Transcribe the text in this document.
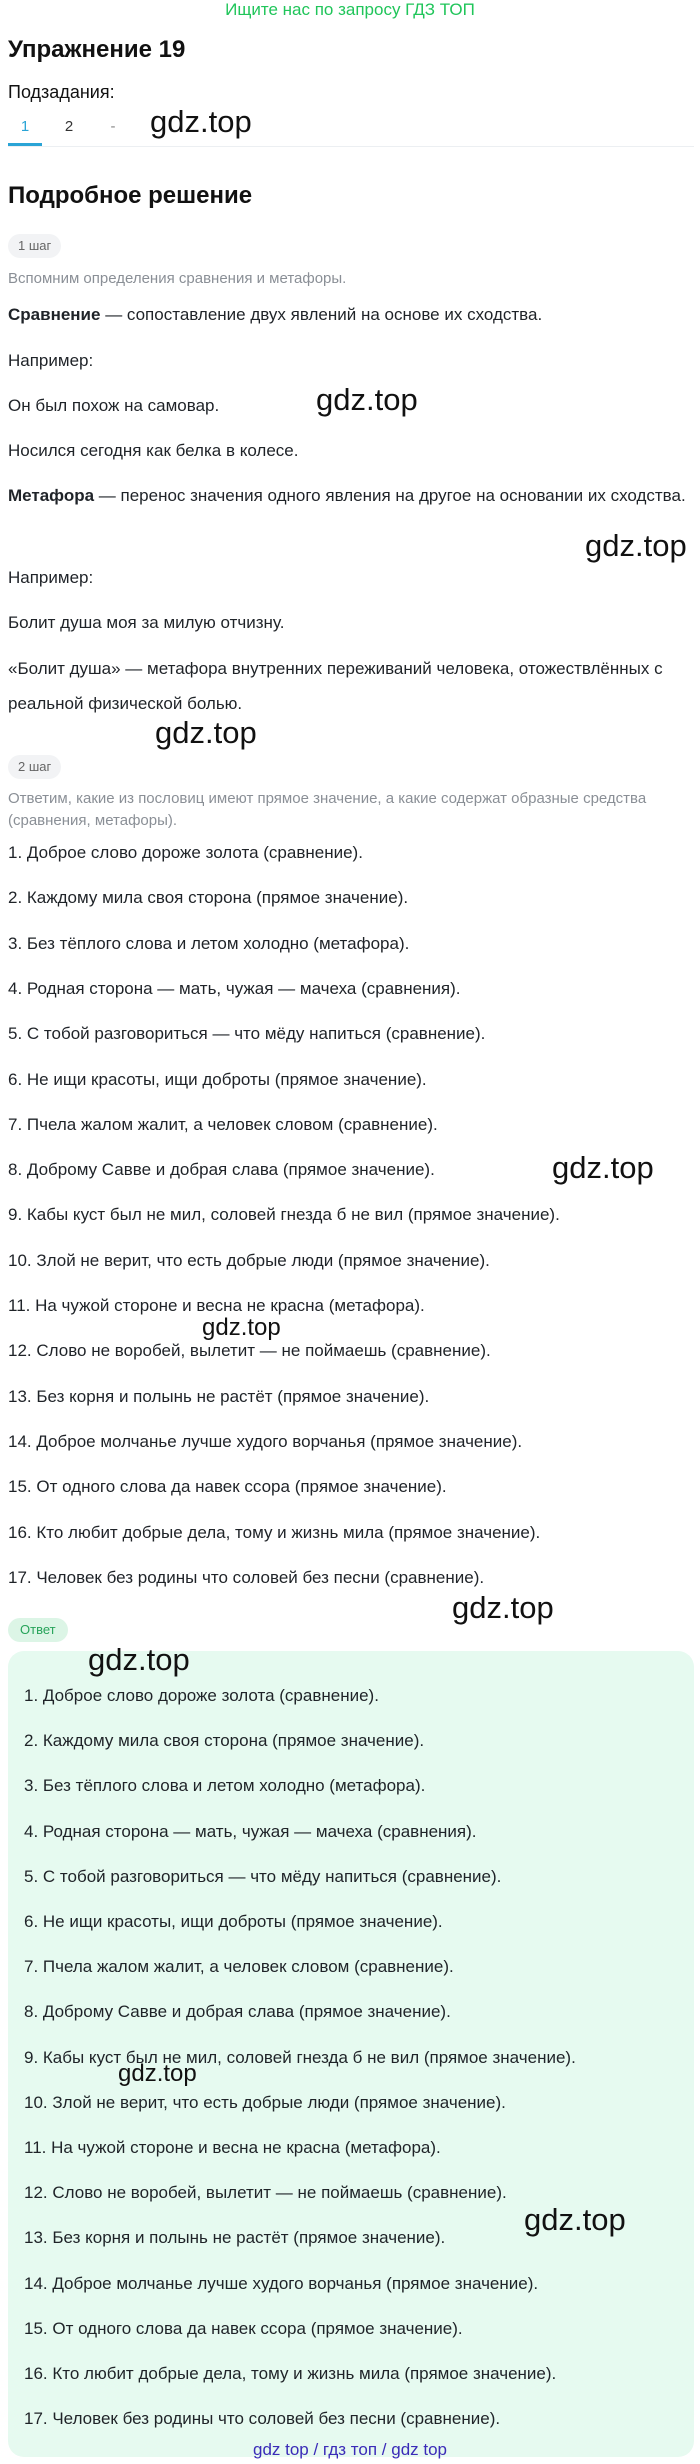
Ищите нас по запросу ГДЗ ТОП
Упражнение 19
Подзадания:
1	2	-
Подробное решение
1 шаг
Вспомним определения сравнения и метафоры.
Сравнение — сопоставление двух явлений на основе их сходства.
Например:
Он был похож на самовар.
Носился сегодня как белка в колесе.
Метафора — перенос значения одного явления на другое на основании их сходства.
Например:
Болит душа моя за милую отчизну.
«Болит душа» — метафора внутренних переживаний человека, отожествлённых с реальной физической болью.
2 шаг
Ответим, какие из пословиц имеют прямое значение, а какие содержат образные средства (сравнения, метафоры).
1. Доброе слово дороже золота (сравнение).
2. Каждому мила своя сторона (прямое значение).
3. Без тёплого слова и летом холодно (метафора).
4. Родная сторона — мать, чужая — мачеха (сравнения).
5. С тобой разговориться — что мёду напиться (сравнение).
6. Не ищи красоты, ищи доброты (прямое значение).
7. Пчела жалом жалит, а человек словом (сравнение).
8. Доброму Савве и добрая слава (прямое значение).
9. Кабы куст был не мил, соловей гнезда б не вил (прямое значение).
10. Злой не верит, что есть добрые люди (прямое значение).
11. На чужой стороне и весна не красна (метафора).
12. Слово не воробей, вылетит — не поймаешь (сравнение).
13. Без корня и полынь не растёт (прямое значение).
14. Доброе молчанье лучше худого ворчанья (прямое значение).
15. От одного слова да навек ссора (прямое значение).
16. Кто любит добрые дела, тому и жизнь мила (прямое значение).
17. Человек без родины что соловей без песни (сравнение).
Ответ
1. Доброе слово дороже золота (сравнение).
2. Каждому мила своя сторона (прямое значение).
3. Без тёплого слова и летом холодно (метафора).
4. Родная сторона — мать, чужая — мачеха (сравнения).
5. С тобой разговориться — что мёду напиться (сравнение).
6. Не ищи красоты, ищи доброты (прямое значение).
7. Пчела жалом жалит, а человек словом (сравнение).
8. Доброму Савве и добрая слава (прямое значение).
9. Кабы куст был не мил, соловей гнезда б не вил (прямое значение).
10. Злой не верит, что есть добрые люди (прямое значение).
11. На чужой стороне и весна не красна (метафора).
12. Слово не воробей, вылетит — не поймаешь (сравнение).
13. Без корня и полынь не растёт (прямое значение).
14. Доброе молчанье лучше худого ворчанья (прямое значение).
15. От одного слова да навек ссора (прямое значение).
16. Кто любит добрые дела, тому и жизнь мила (прямое значение).
17. Человек без родины что соловей без песни (сравнение).
gdz.top
gdz.top
gdz.top
gdz.top
gdz.top
gdz.top
gdz.top
gdz.top
gdz.top
gdz.top
gdz top / гдз топ / gdz top
